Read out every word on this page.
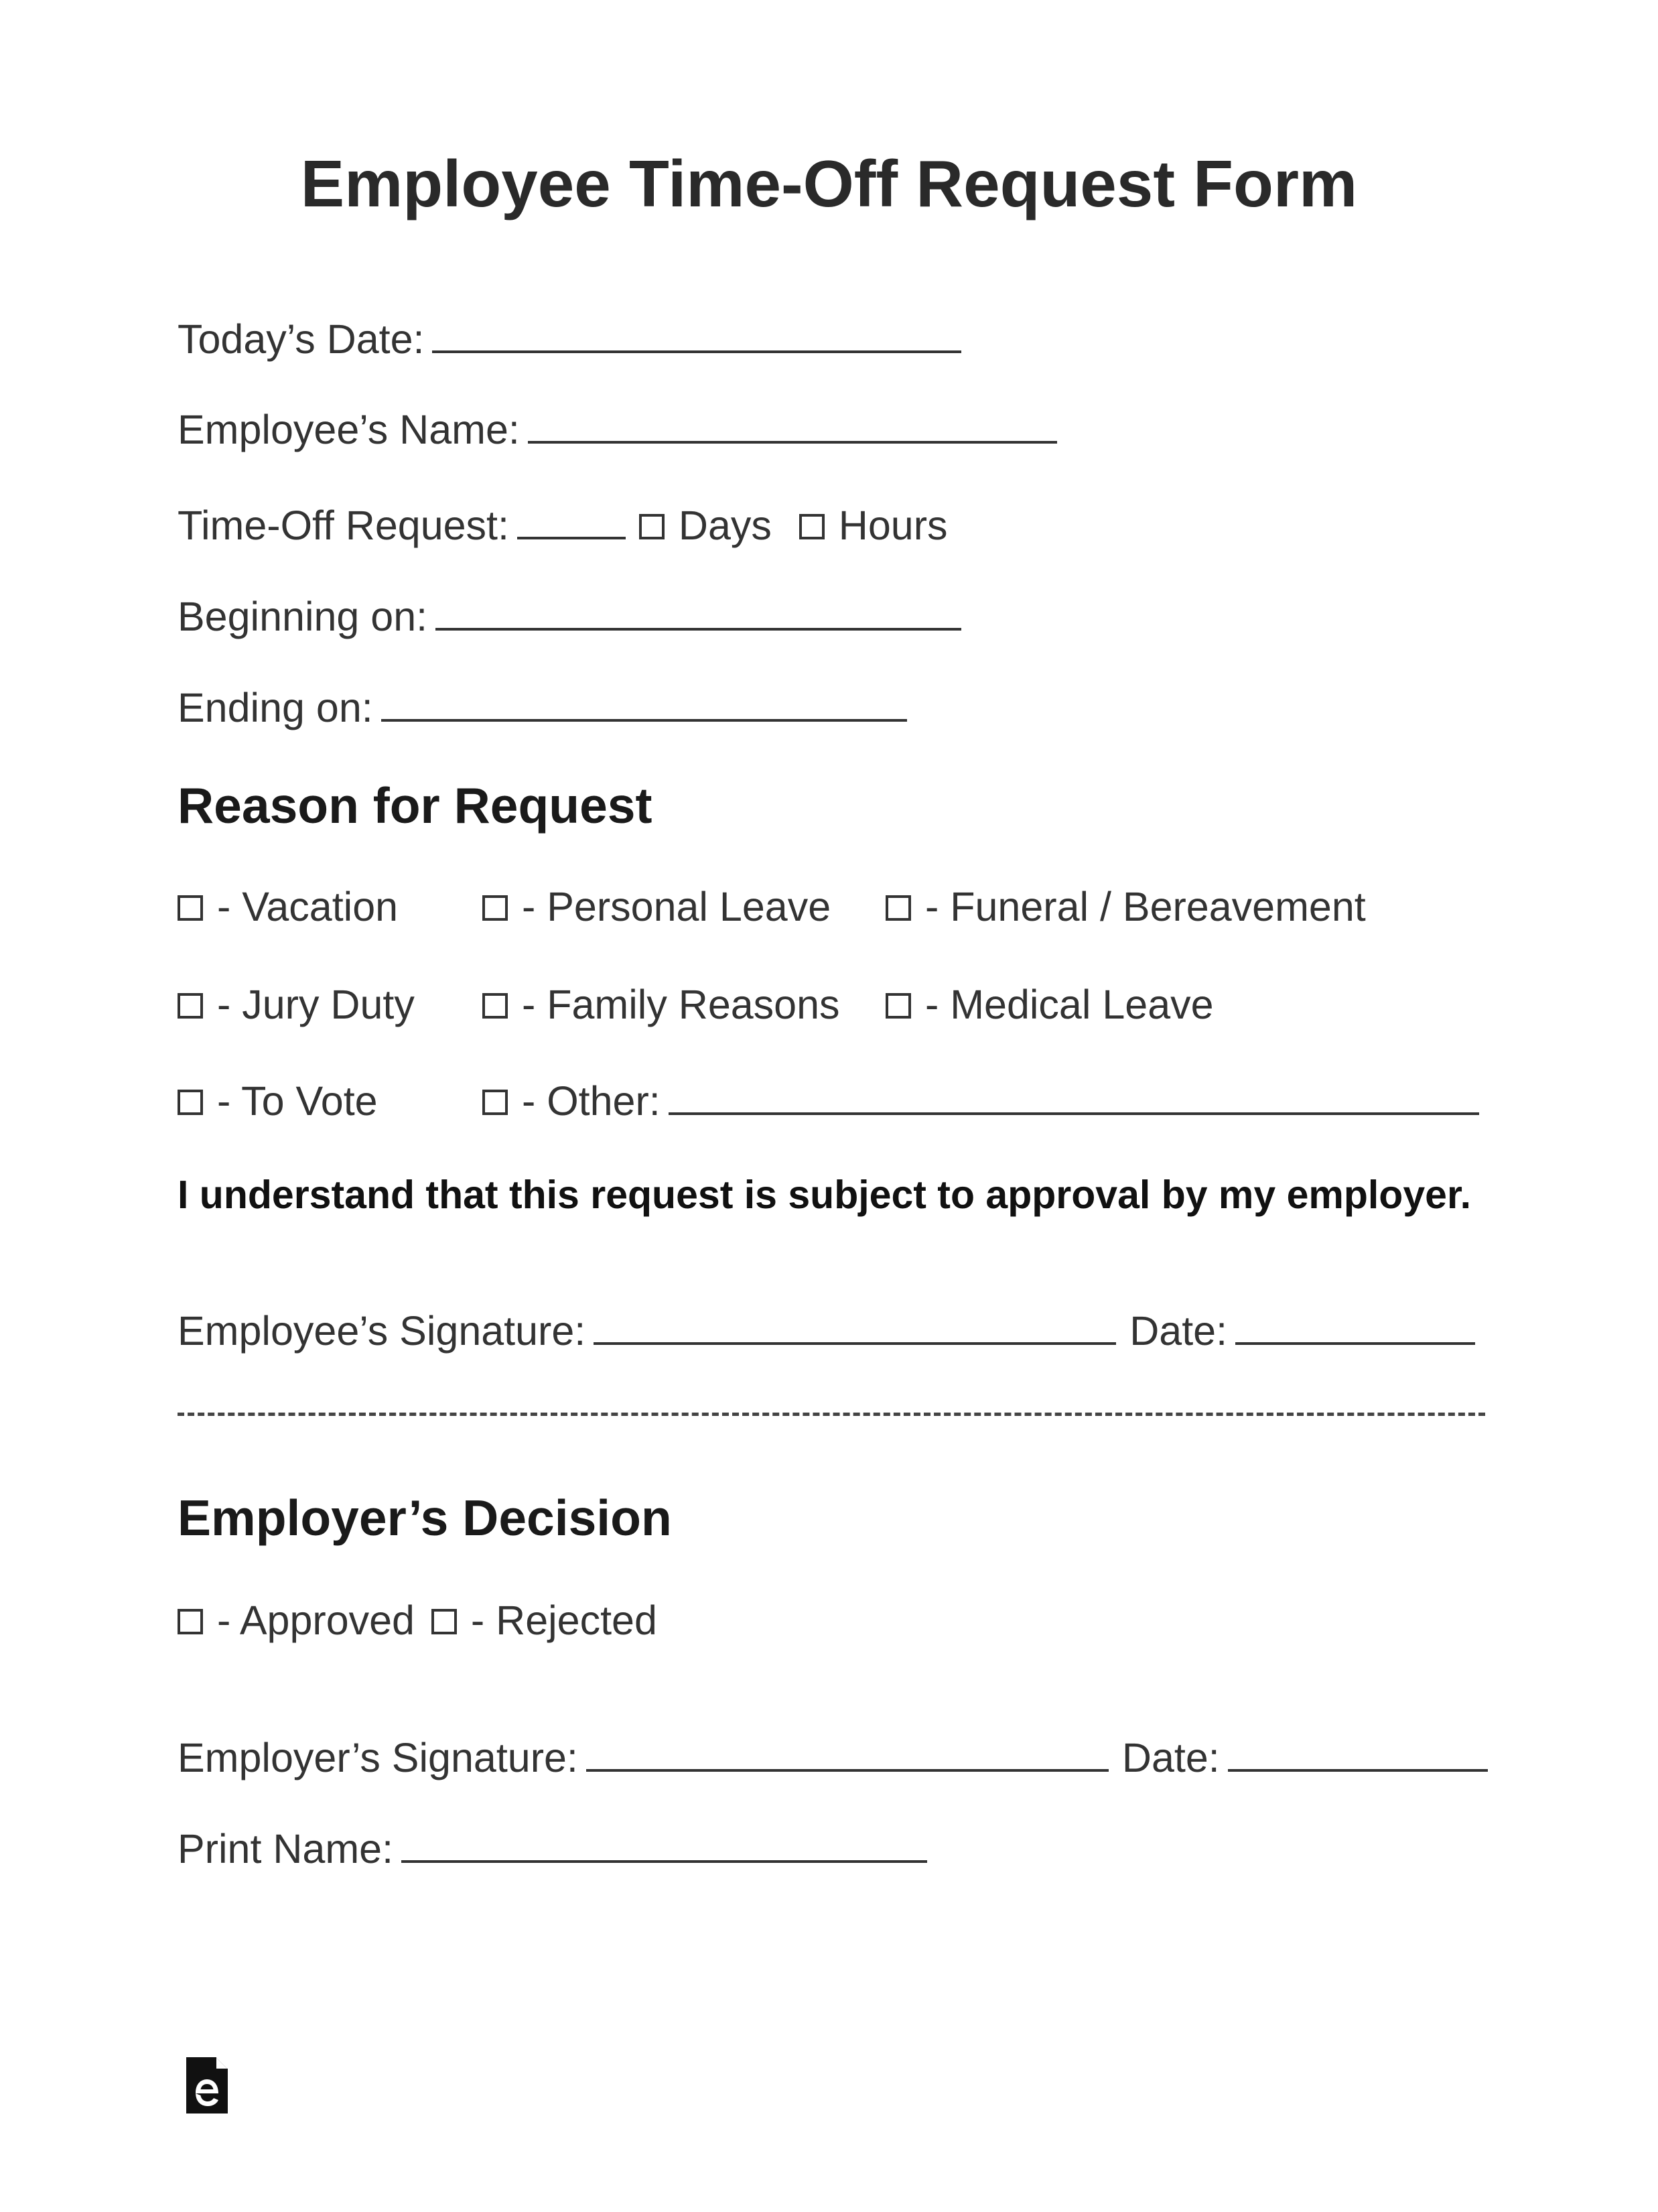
Employee Time-Off Request Form
Today’s Date:
Employee’s Name:
Time-Off Request:	Days Hours
Beginning on:
Ending on:
Reason for Request
- Vacation	- Personal Leave	- Funeral / Bereavement
- Jury Duty	- Family Reasons	- Medical Leave
- To Vote	- Other:
I understand that this request is subject to approval by my employer.
Employee’s Signature:	Date:
Employer’s Decision
- Approved - Rejected
Employer’s Signature:	Date:
Print Name:
